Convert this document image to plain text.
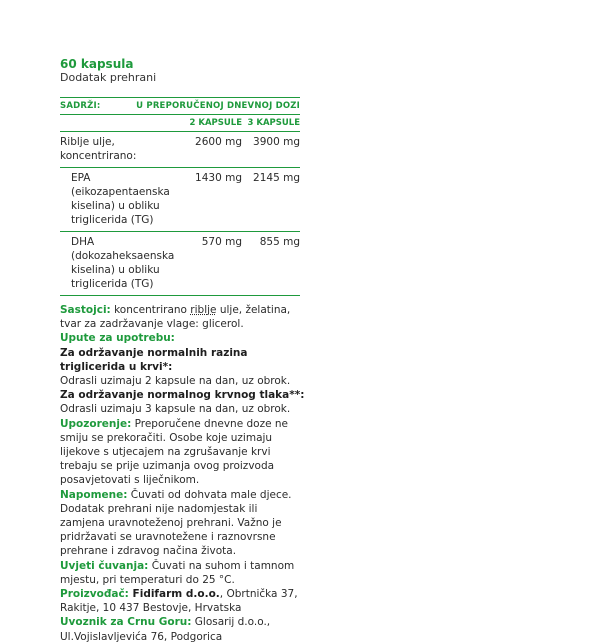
60 kapsula
Dodatak prehrani
SADRŽI:	U PREPORUČENOJ DNEVNOJ DOZI
2 KAPSULE 3 KAPSULE
Riblje ulje, koncentrirano:
2600 mg	3900 mg
EPA (eikozapentaenska kiselina) u obliku triglicerida (TG)
1430 mg	2145 mg
DHA (dokozaheksaenska kiselina) u obliku triglicerida (TG)
570 mg	855 mg

Sastojci: koncentrirano riblje ulje, želatina, tvar za zadržavanje vlage: glicerol.

Upute za upotrebu:

Za održavanje normalnih razina triglicerida u krvi*:

Odrasli uzimaju 2 kapsule na dan, uz obrok.

Za održavanje normalnog krvnog tlaka**:

Odrasli uzimaju 3 kapsule na dan, uz obrok.

Upozorenje: Preporučene dnevne doze ne smiju se prekoračiti. Osobe koje uzimaju lijekove s utjecajem na zgrušavanje krvi trebaju se prije uzimanja ovog proizvoda posavjetovati s liječnikom.

Napomene: Čuvati od dohvata male djece. Dodatak prehrani nije nadomjestak ili zamjena uravnoteženoj prehrani. Važno je pridržavati se uravnotežene i raznovrsne prehrane i zdravog načina života.

Uvjeti čuvanja: Čuvati na suhom i tamnom mjestu, pri temperaturi do 25 °C.

Proizvođač: Fidifarm d.o.o., Obrtnička 37, Rakitje, 10 437 Bestovje, Hrvatska

Uvoznik za Crnu Goru: Glosarij d.o.o., Ul.Vojislavljevića 76, Podgorica
